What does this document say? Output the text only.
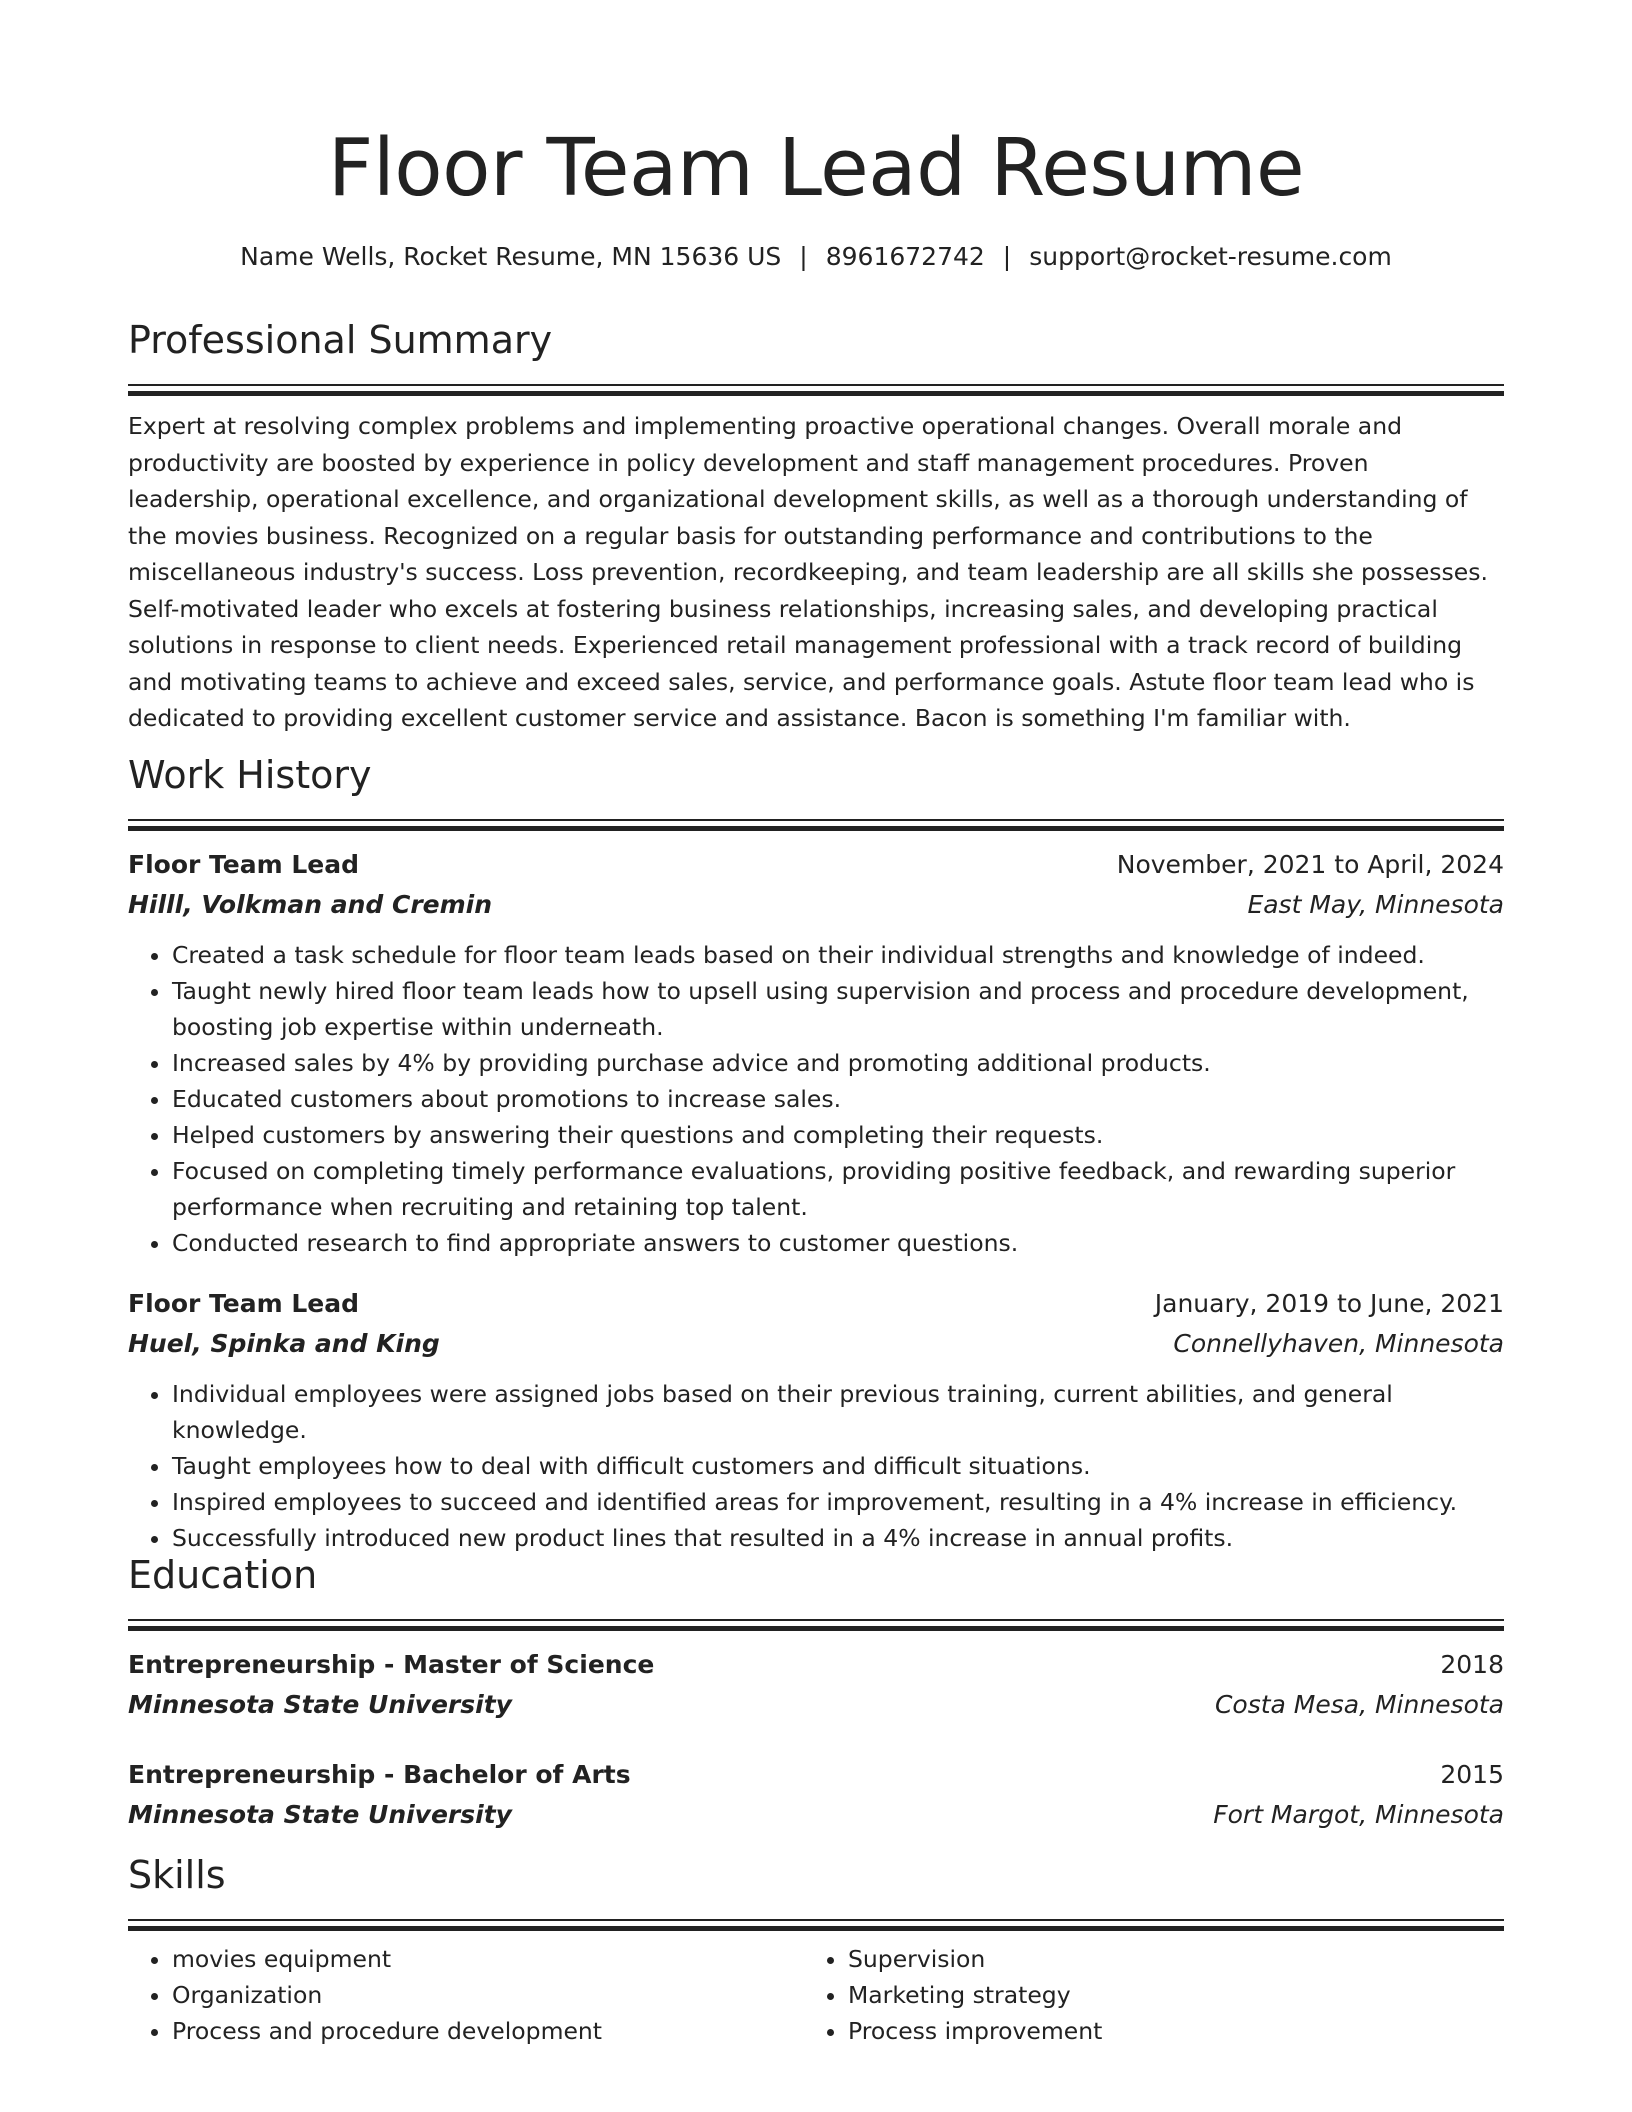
Floor Team Lead Resume
Name Wells, Rocket Resume, MN 15636 US | 8961672742 | support@rocket-resume.com
Professional Summary

Expert at resolving complex problems and implementing proactive operational changes. Overall morale and productivity are boosted by experience in policy development and staff management procedures. Proven leadership, operational excellence, and organizational development skills, as well as a thorough understanding of the movies business. Recognized on a regular basis for outstanding performance and contributions to the miscellaneous industry's success. Loss prevention, recordkeeping, and team leadership are all skills she possesses. Self-motivated leader who excels at fostering business relationships, increasing sales, and developing practical solutions in response to client needs. Experienced retail management professional with a track record of building and motivating teams to achieve and exceed sales, service, and performance goals. Astute floor team lead who is dedicated to providing excellent customer service and assistance. Bacon is something I'm familiar with.

Work History
Floor Team Lead	November, 2021 to April, 2024
Hilll, Volkman and Cremin	East May, Minnesota
• Created a task schedule for floor team leads based on their individual strengths and knowledge of indeed.
• Taught newly hired floor team leads how to upsell using supervision and process and procedure development, boosting job expertise within underneath.
• Increased sales by 4% by providing purchase advice and promoting additional products.
• Educated customers about promotions to increase sales.
• Helped customers by answering their questions and completing their requests.
• Focused on completing timely performance evaluations, providing positive feedback, and rewarding superior performance when recruiting and retaining top talent.
• Conducted research to find appropriate answers to customer questions.
Floor Team Lead	January, 2019 to June, 2021
Huel, Spinka and King	Connellyhaven, Minnesota
• Individual employees were assigned jobs based on their previous training, current abilities, and general knowledge.
• Taught employees how to deal with difficult customers and difficult situations.
• Inspired employees to succeed and identified areas for improvement, resulting in a 4% increase in efficiency.
• Successfully introduced new product lines that resulted in a 4% increase in annual profits.
Education
Entrepreneurship - Master of Science	2018
Minnesota State University	Costa Mesa, Minnesota
Entrepreneurship - Bachelor of Arts	2015
Minnesota State University	Fort Margot, Minnesota
Skills
• movies equipment
• Organization
• Process and procedure development
• Supervision
• Marketing strategy
• Process improvement
